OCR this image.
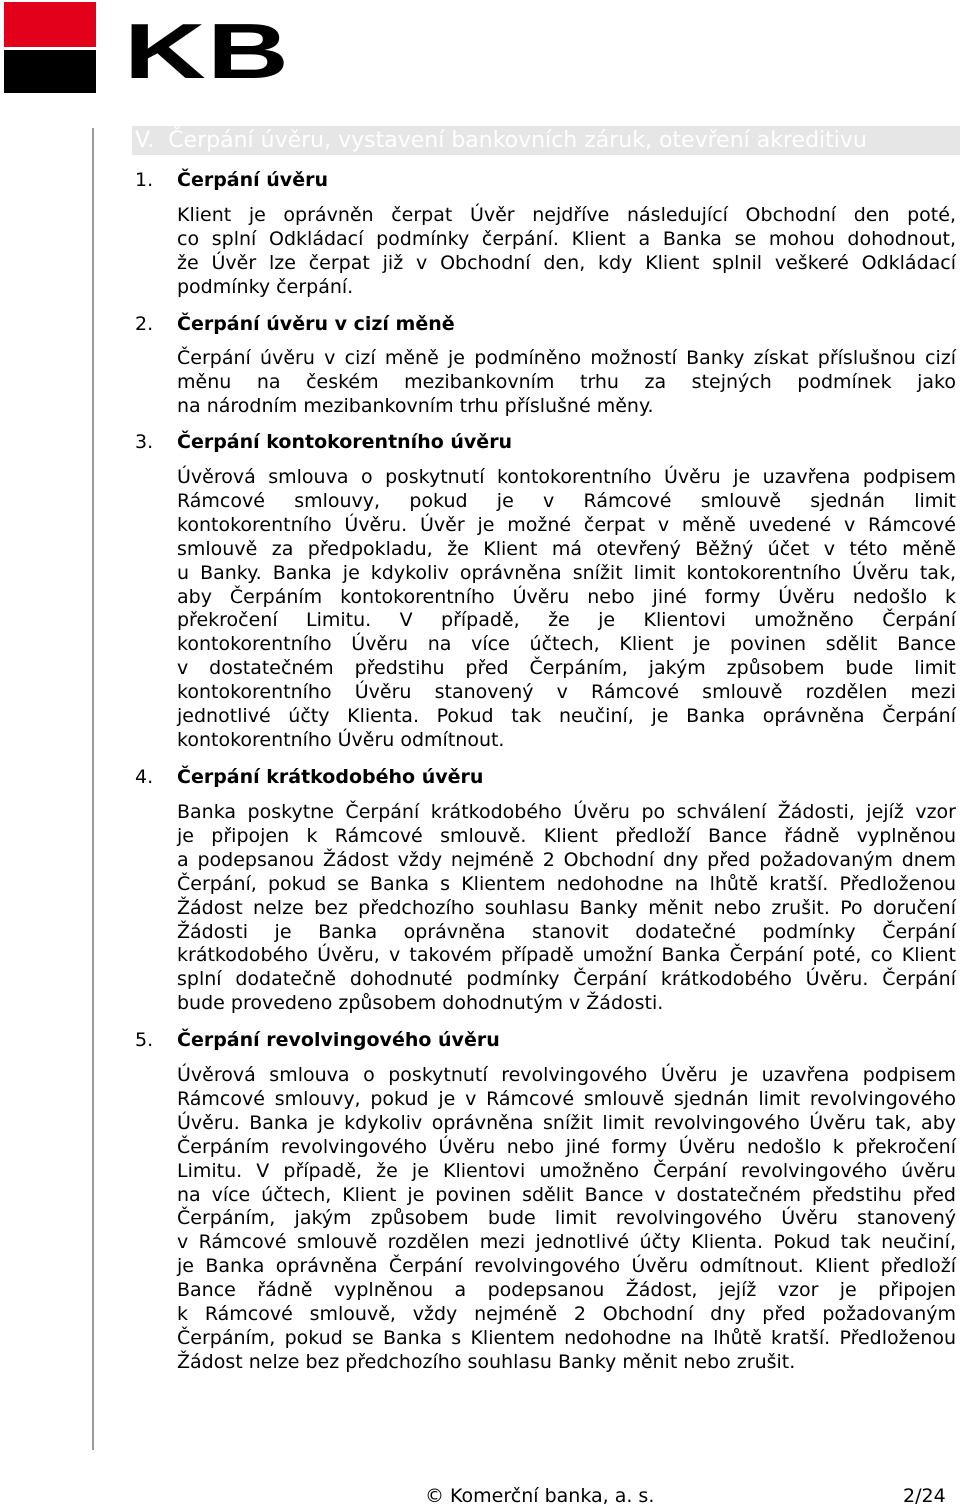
KB
V.  Čerpání úvěru, vystavení bankovních záruk, otevření akreditivu
1. Čerpání úvěru
Klient je oprávněn čerpat Úvěr nejdříve následující Obchodní den poté,
co splní Odkládací podmínky čerpání. Klient a Banka se mohou dohodnout,
že Úvěr lze čerpat již v Obchodní den, kdy Klient splnil veškeré Odkládací
podmínky čerpání.
2. Čerpání úvěru v cizí měně
Čerpání úvěru v cizí měně je podmíněno možností Banky získat příslušnou cizí
měnu na českém mezibankovním trhu za stejných podmínek jako
na národním mezibankovním trhu příslušné měny.
3. Čerpání kontokorentního úvěru
Úvěrová smlouva o poskytnutí kontokorentního Úvěru je uzavřena podpisem
Rámcové smlouvy, pokud je v Rámcové smlouvě sjednán limit
kontokorentního Úvěru. Úvěr je možné čerpat v měně uvedené v Rámcové
smlouvě za předpokladu, že Klient má otevřený Běžný účet v této měně
u Banky. Banka je kdykoliv oprávněna snížit limit kontokorentního Úvěru tak,
aby Čerpáním kontokorentního Úvěru nebo jiné formy Úvěru nedošlo k
překročení Limitu. V případě, že je Klientovi umožněno Čerpání
kontokorentního Úvěru na více účtech, Klient je povinen sdělit Bance
v dostatečném předstihu před Čerpáním, jakým způsobem bude limit
kontokorentního Úvěru stanovený v Rámcové smlouvě rozdělen mezi
jednotlivé účty Klienta. Pokud tak neučiní, je Banka oprávněna Čerpání
kontokorentního Úvěru odmítnout.
4. Čerpání krátkodobého úvěru
Banka poskytne Čerpání krátkodobého Úvěru po schválení Žádosti, jejíž vzor
je připojen k Rámcové smlouvě. Klient předloží Bance řádně vyplněnou
a podepsanou Žádost vždy nejméně 2 Obchodní dny před požadovaným dnem
Čerpání, pokud se Banka s Klientem nedohodne na lhůtě kratší. Předloženou
Žádost nelze bez předchozího souhlasu Banky měnit nebo zrušit. Po doručení
Žádosti je Banka oprávněna stanovit dodatečné podmínky Čerpání
krátkodobého Úvěru, v takovém případě umožní Banka Čerpání poté, co Klient
splní dodatečně dohodnuté podmínky Čerpání krátkodobého Úvěru. Čerpání
bude provedeno způsobem dohodnutým v Žádosti.
5. Čerpání revolvingového úvěru
Úvěrová smlouva o poskytnutí revolvingového Úvěru je uzavřena podpisem
Rámcové smlouvy, pokud je v Rámcové smlouvě sjednán limit revolvingového
Úvěru. Banka je kdykoliv oprávněna snížit limit revolvingového Úvěru tak, aby
Čerpáním revolvingového Úvěru nebo jiné formy Úvěru nedošlo k překročení
Limitu. V případě, že je Klientovi umožněno Čerpání revolvingového úvěru
na více účtech, Klient je povinen sdělit Bance v dostatečném předstihu před
Čerpáním, jakým způsobem bude limit revolvingového Úvěru stanovený
v Rámcové smlouvě rozdělen mezi jednotlivé účty Klienta. Pokud tak neučiní,
je Banka oprávněna Čerpání revolvingového Úvěru odmítnout. Klient předloží
Bance řádně vyplněnou a podepsanou Žádost, jejíž vzor je připojen
k Rámcové smlouvě, vždy nejméně 2 Obchodní dny před požadovaným
Čerpáním, pokud se Banka s Klientem nedohodne na lhůtě kratší. Předloženou
Žádost nelze bez předchozího souhlasu Banky měnit nebo zrušit.
© Komerční banka, a. s.	2/24
